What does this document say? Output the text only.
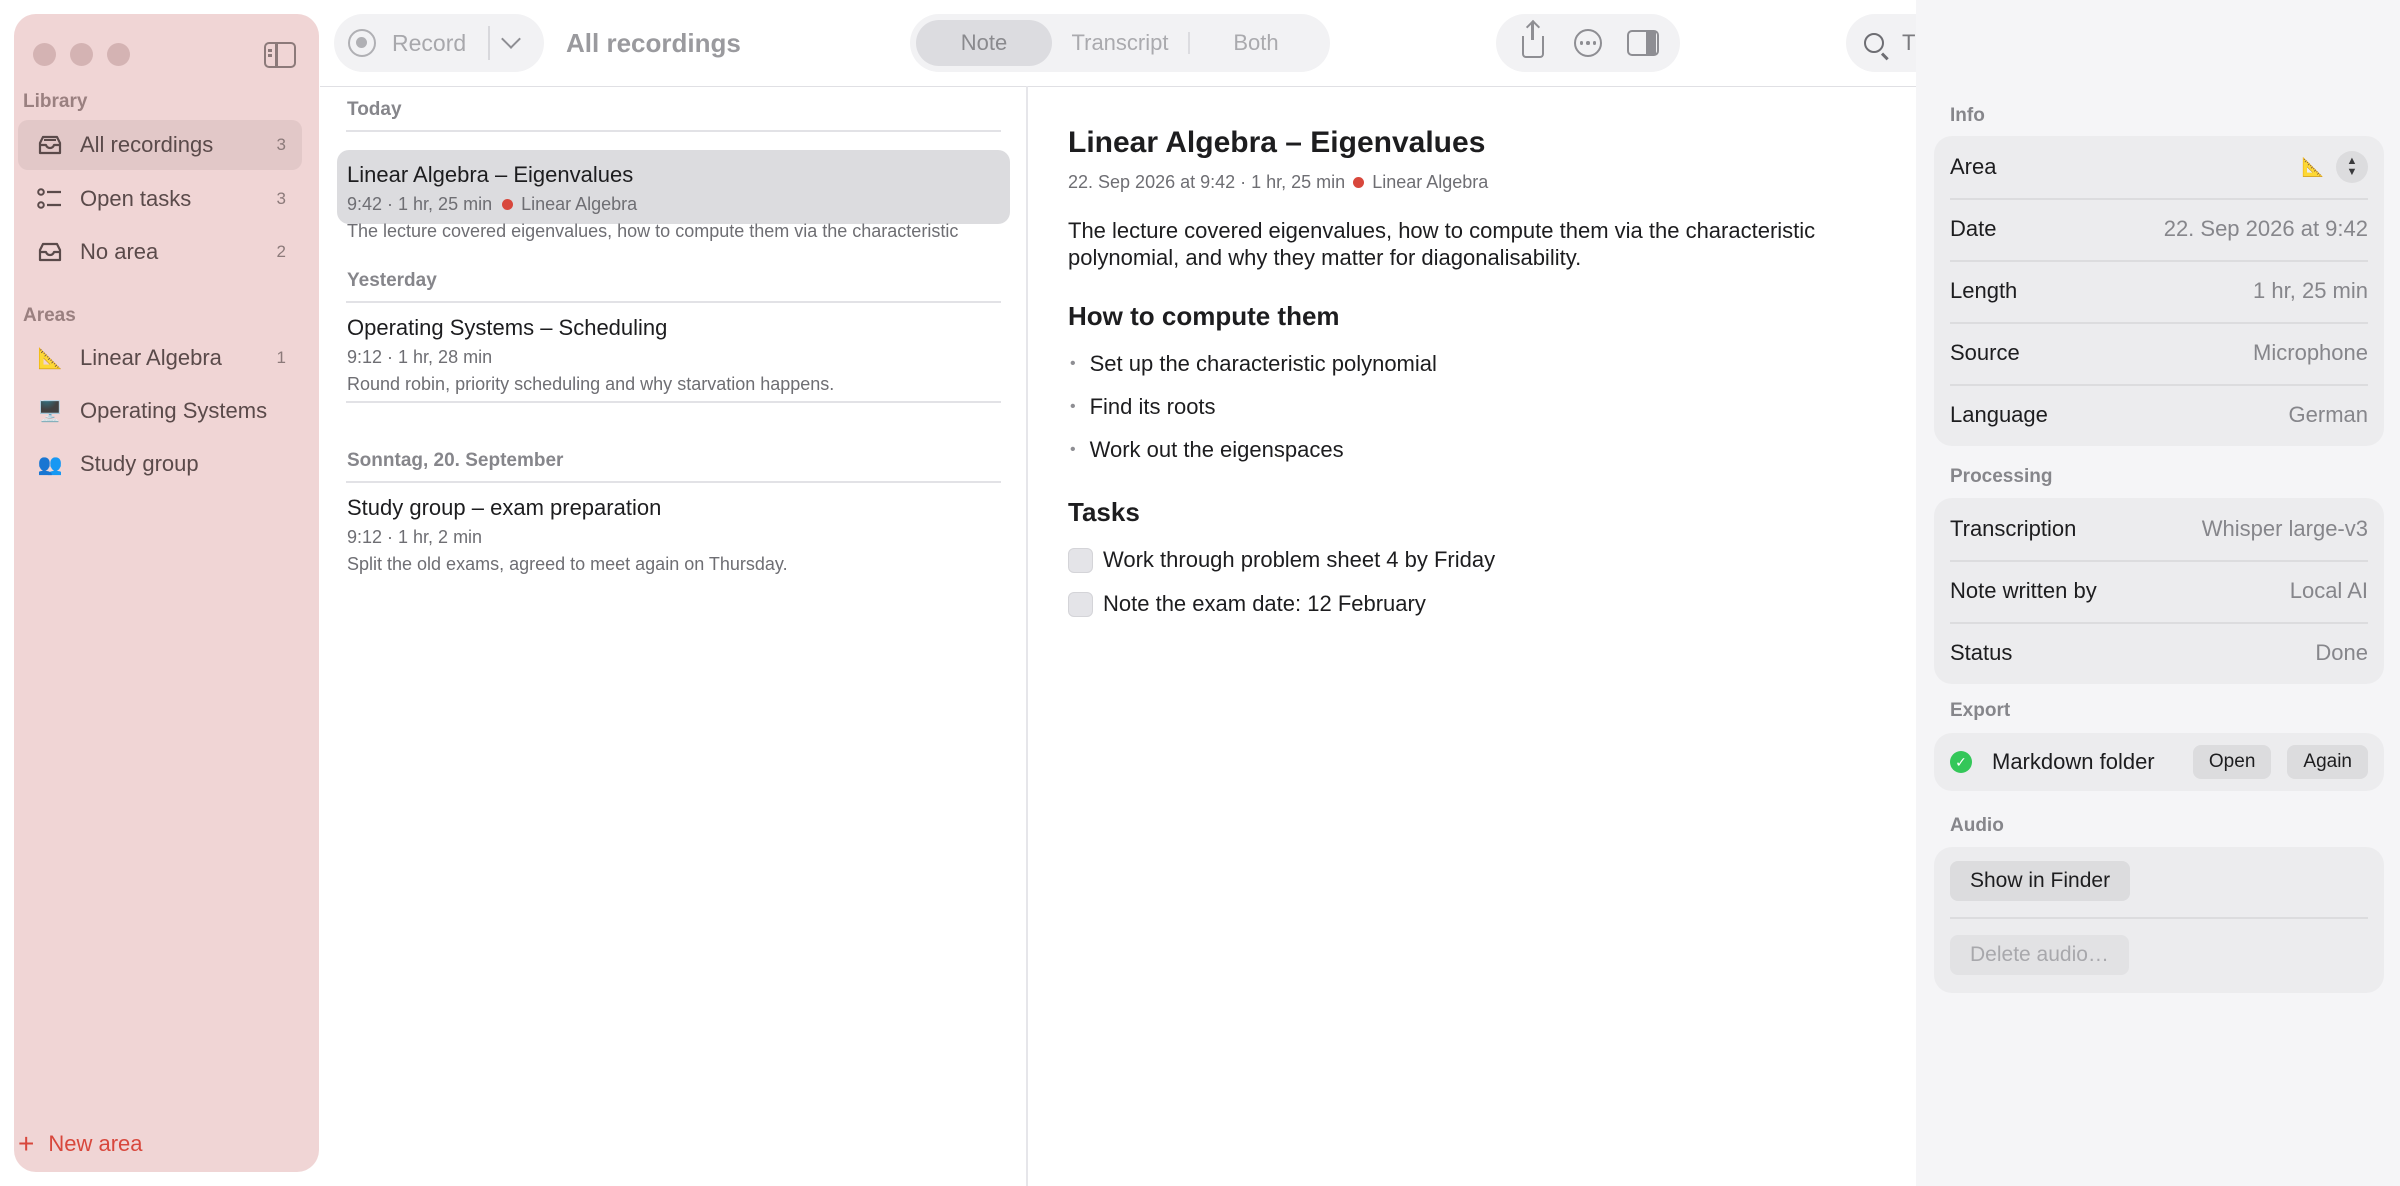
Library
All recordings	3
Open tasks	3
No area	2
Areas
📐 Linear Algebra	1
🖥️ Operating Systems
👥 Study group
+ New area
Record	All recordings	Note	Transcript	Both
Titles, notes, transcripts
Today
Linear Algebra – Eigenvalues
9:42 · 1 hr, 25 min Linear Algebra
The lecture covered eigenvalues, how to compute them via the characteristic
Yesterday
Operating Systems – Scheduling
9:12 · 1 hr, 28 min
Round robin, priority scheduling and why starvation happens.
Sonntag, 20. September
Study group – exam preparation
9:12 · 1 hr, 2 min
Split the old exams, agreed to meet again on Thursday.
Linear Algebra – Eigenvalues
22. Sep 2026 at 9:42 · 1 hr, 25 min Linear Algebra
The lecture covered eigenvalues, how to compute them via the characteristic polynomial, and why they matter for diagonalisability.
How to compute them
• Set up the characteristic polynomial
• Find its roots
• Work out the eigenspaces
Tasks
Work through problem sheet 4 by Friday
Note the exam date: 12 February
Info
Area	📐 ▲
▼
Date	22. Sep 2026 at 9:42
Length	1 hr, 25 min
Source	Microphone
Language	German
Processing
Transcription	Whisper large-v3
Note written by	Local AI
Status	Done
Export
✓ Markdown folder	Open	Again
Audio
Show in Finder
Delete audio…
